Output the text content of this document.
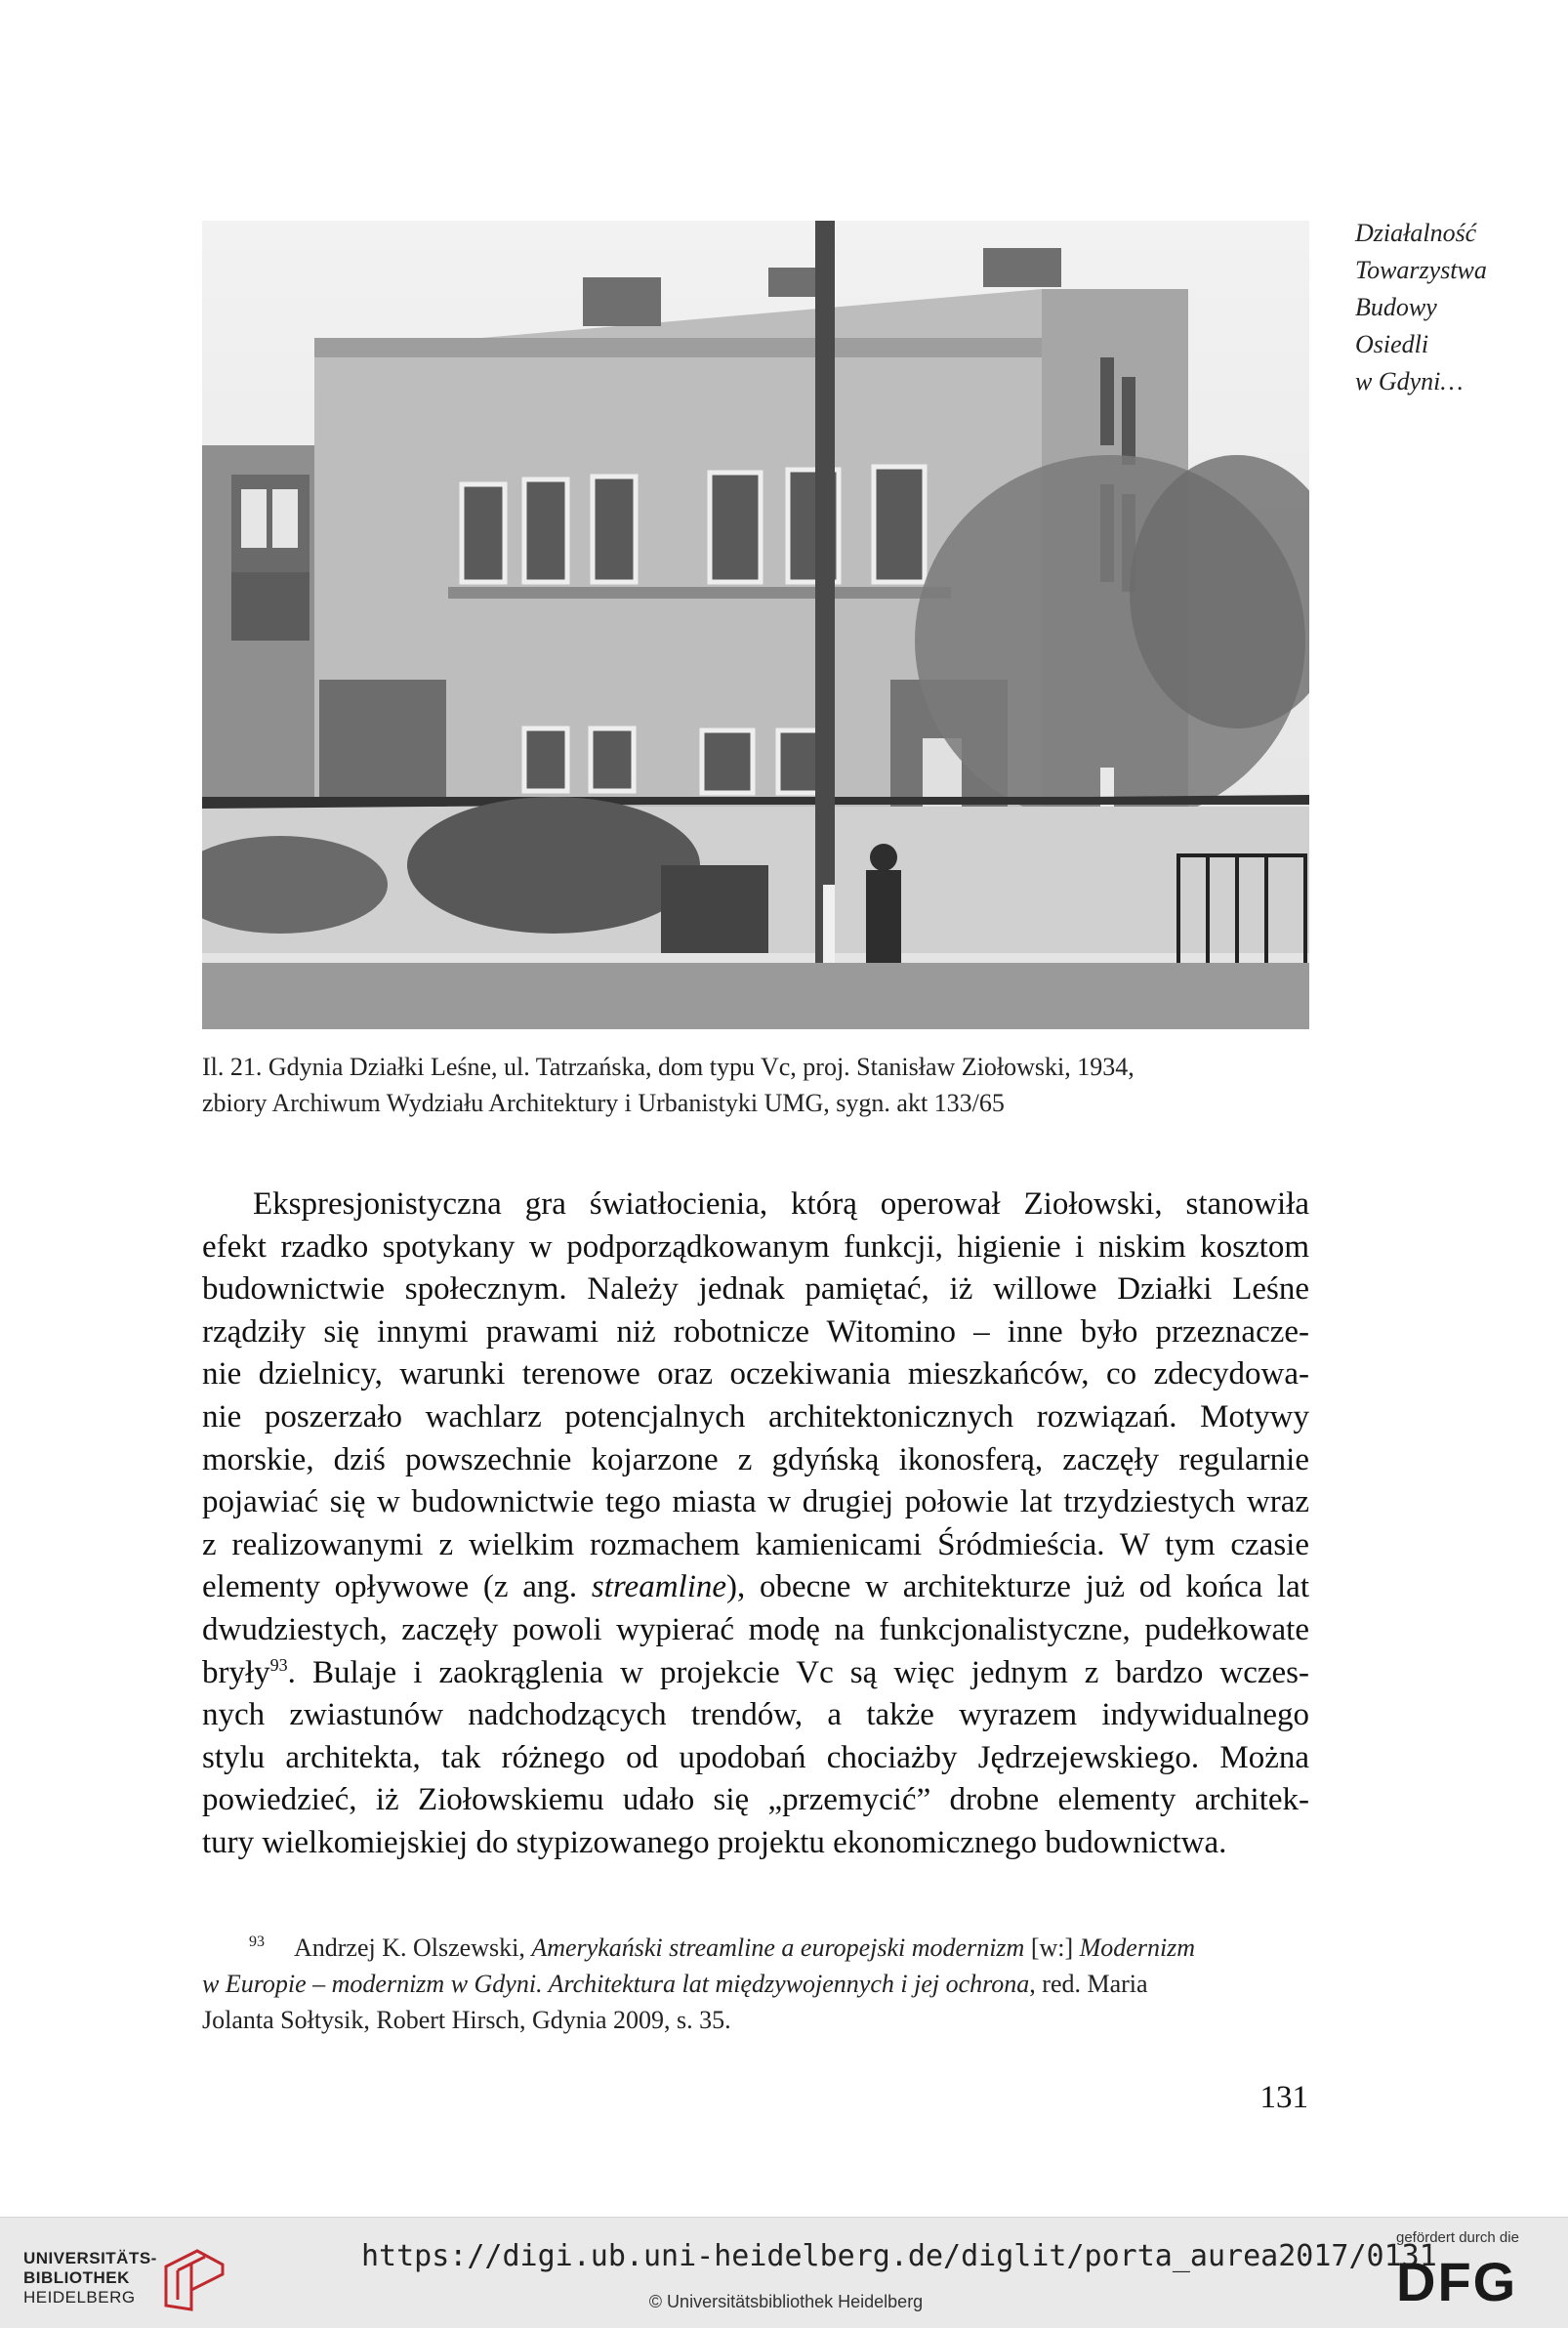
Działalność
Towarzystwa
Budowy
Osiedli
w Gdyni…
Il. 21. Gdynia Działki Leśne, ul. Tatrzańska, dom typu Vc, proj. Stanisław Ziołowski, 1934,
zbiory Archiwum Wydziału Architektury i Urbanistyki UMG, sygn. akt 133/65
Ekspresjonistyczna gra światłocienia, którą operował Ziołowski, stanowiła
efekt rzadko spotykany w podporządkowanym funkcji, higienie i niskim kosztom
budownictwie społecznym. Należy jednak pamiętać, iż willowe Działki Leśne
rządziły się innymi prawami niż robotnicze Witomino – inne było przeznacze-
nie dzielnicy, warunki terenowe oraz oczekiwania mieszkańców, co zdecydowa-
nie poszerzało wachlarz potencjalnych architektonicznych rozwiązań. Motywy
morskie, dziś powszechnie kojarzone z gdyńską ikonosferą, zaczęły regularnie
pojawiać się w budownictwie tego miasta w drugiej połowie lat trzydziestych wraz
z realizowanymi z wielkim rozmachem kamienicami Śródmieścia. W tym czasie
elementy opływowe (z ang. streamline), obecne w architekturze już od końca lat
dwudziestych, zaczęły powoli wypierać modę na funkcjonalistyczne, pudełkowate
bryły$^{93}$. Bulaje i zaokrąglenia w projekcie Vc są więc jednym z bardzo wczes-
nych zwiastunów nadchodzących trendów, a także wyrazem indywidualnego
stylu architekta, tak różnego od upodobań chociażby Jędrzejewskiego. Można
powiedzieć, iż Ziołowskiemu udało się „przemycić” drobne elementy architek-
tury wielkomiejskiej do stypizowanego projektu ekonomicznego budownictwa.
$^{93}$ Andrzej K. Olszewski, Amerykański streamline a europejski modernizm [w:] Modernizm
w Europie – modernizm w Gdyni. Architektura lat międzywojennych i jej ochrona, red. Maria
Jolanta Sołtysik, Robert Hirsch, Gdynia 2009, s. 35.
131
UNIVERSITÄTS-
BIBLIOTHEK
HEIDELBERG
https://digi.ub.uni-heidelberg.de/diglit/porta_aurea2017/0131
© Universitätsbibliothek Heidelberg
gefördert durch die
DFG
